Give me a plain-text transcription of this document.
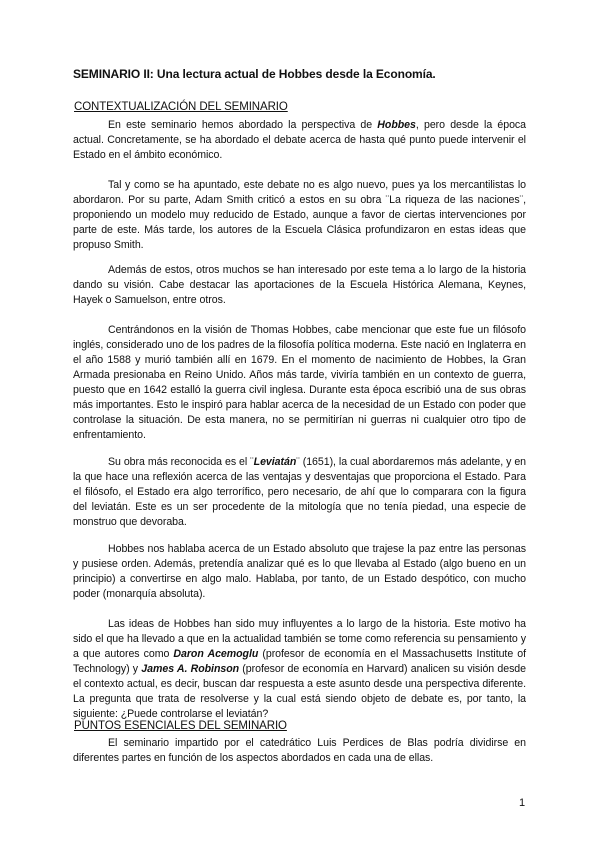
SEMINARIO II: Una lectura actual de Hobbes desde la Economía.
CONTEXTUALIZACIÓN DEL SEMINARIO
En este seminario hemos abordado la perspectiva de Hobbes, pero desde la época actual. Concretamente, se ha abordado el debate acerca de hasta qué punto puede intervenir el Estado en el ámbito económico.
Tal y como se ha apuntado, este debate no es algo nuevo, pues ya los mercantilistas lo abordaron. Por su parte, Adam Smith criticó a estos en su obra ¨La riqueza de las naciones¨, proponiendo un modelo muy reducido de Estado, aunque a favor de ciertas intervenciones por parte de este. Más tarde, los autores de la Escuela Clásica profundizaron en estas ideas que propuso Smith.
Además de estos, otros muchos se han interesado por este tema a lo largo de la historia dando su visión. Cabe destacar las aportaciones de la Escuela Histórica Alemana, Keynes, Hayek o Samuelson, entre otros.
Centrándonos en la visión de Thomas Hobbes, cabe mencionar que este fue un filósofo inglés, considerado uno de los padres de la filosofía política moderna. Este nació en Inglaterra en el año 1588 y murió también allí en 1679. En el momento de nacimiento de Hobbes, la Gran Armada presionaba en Reino Unido. Años más tarde, viviría también en un contexto de guerra, puesto que en 1642 estalló la guerra civil inglesa. Durante esta época escribió una de sus obras más importantes. Esto le inspiró para hablar acerca de la necesidad de un Estado con poder que controlase la situación. De esta manera, no se permitirían ni guerras ni cualquier otro tipo de enfrentamiento.
Su obra más reconocida es el ¨Leviatán¨ (1651), la cual abordaremos más adelante, y en la que hace una reflexión acerca de las ventajas y desventajas que proporciona el Estado. Para el filósofo, el Estado era algo terrorífico, pero necesario, de ahí que lo comparara con la figura del leviatán. Este es un ser procedente de la mitología que no tenía piedad, una especie de monstruo que devoraba.
Hobbes nos hablaba acerca de un Estado absoluto que trajese la paz entre las personas y pusiese orden. Además, pretendía analizar qué es lo que llevaba al Estado (algo bueno en un principio) a convertirse en algo malo. Hablaba, por tanto, de un Estado despótico, con mucho poder (monarquía absoluta).
Las ideas de Hobbes han sido muy influyentes a lo largo de la historia. Este motivo ha sido el que ha llevado a que en la actualidad también se tome como referencia su pensamiento y a que autores como Daron Acemoglu (profesor de economía en el Massachusetts Institute of Technology) y James A. Robinson (profesor de economía en Harvard) analicen su visión desde el contexto actual, es decir, buscan dar respuesta a este asunto desde una perspectiva diferente. La pregunta que trata de resolverse y la cual está siendo objeto de debate es, por tanto, la siguiente: ¿Puede controlarse el leviatán?
PUNTOS ESENCIALES DEL SEMINARIO
El seminario impartido por el catedrático Luis Perdices de Blas podría dividirse en diferentes partes en función de los aspectos abordados en cada una de ellas.
1
